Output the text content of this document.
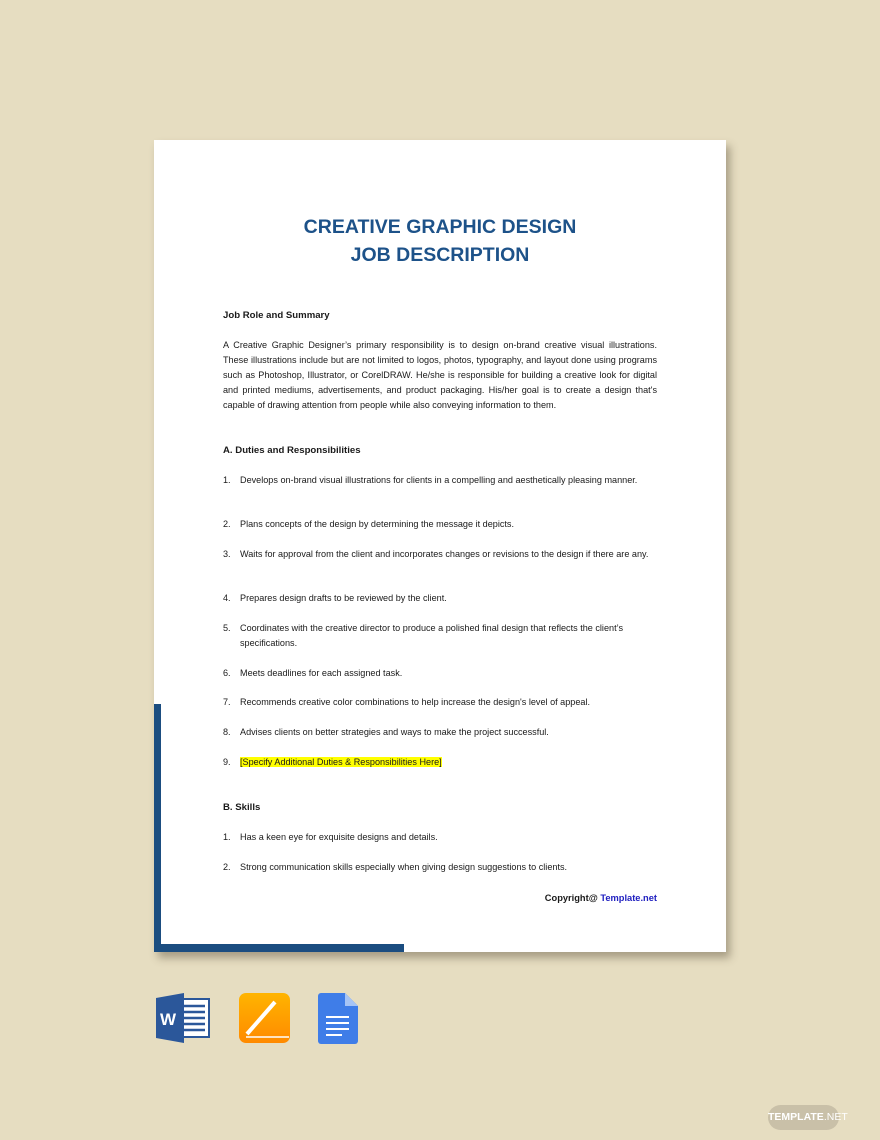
CREATIVE GRAPHIC DESIGN
JOB DESCRIPTION
Job Role and Summary
A Creative Graphic Designer’s primary responsibility is to design on-brand creative visual illustrations. These illustrations include but are not limited to logos, photos, typography, and layout done using programs such as Photoshop, Illustrator, or CorelDRAW. He/she is responsible for building a creative look for digital and printed mediums, advertisements, and product packaging. His/her goal is to create a design that's capable of drawing attention from people while also conveying information to them.
A. Duties and Responsibilities
1. Develops on-brand visual illustrations for clients in a compelling and aesthetically pleasing manner.
2. Plans concepts of the design by determining the message it depicts.
3. Waits for approval from the client and incorporates changes or revisions to the design if there are any.
4. Prepares design drafts to be reviewed by the client.
5. Coordinates with the creative director to produce a polished final design that reflects the client’s specifications.
6. Meets deadlines for each assigned task.
7. Recommends creative color combinations to help increase the design's level of appeal.
8. Advises clients on better strategies and ways to make the project successful.
9. [Specify Additional Duties & Responsibilities Here]
B. Skills
1. Has a keen eye for exquisite designs and details.
2. Strong communication skills especially when giving design suggestions to clients.
Copyright@ Template.net
W
TEMPLATE.NET
